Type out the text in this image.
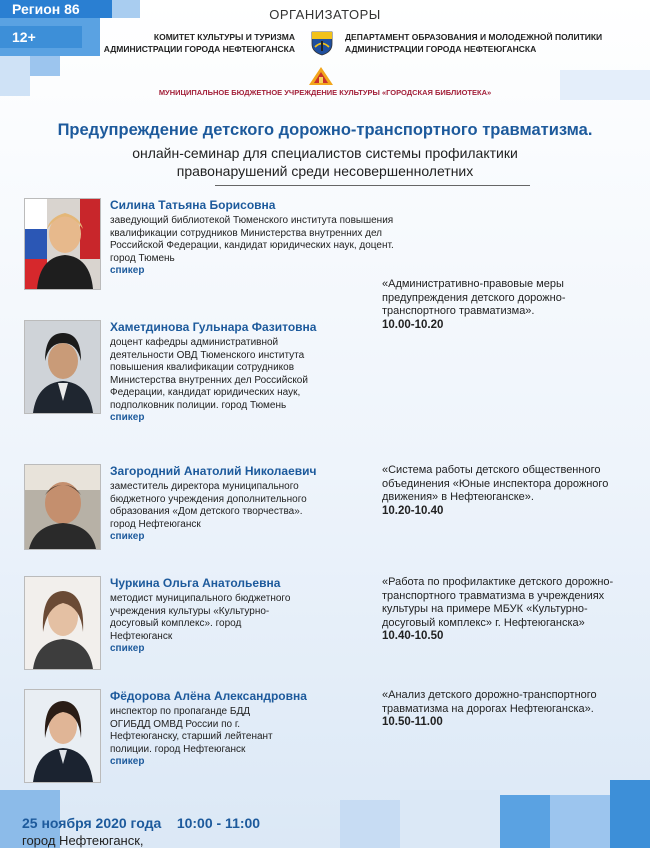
Регион 86
12+
ОРГАНИЗАТОРЫ
КОМИТЕТ КУЛЬТУРЫ И ТУРИЗМА АДМИНИСТРАЦИИ ГОРОДА НЕФТЕЮГАНСКА
ДЕПАРТАМЕНТ ОБРАЗОВАНИЯ И МОЛОДЕЖНОЙ ПОЛИТИКИ АДМИНИСТРАЦИИ ГОРОДА НЕФТЕЮГАНСКА
МУНИЦИПАЛЬНОЕ БЮДЖЕТНОЕ УЧРЕЖДЕНИЕ КУЛЬТУРЫ «ГОРОДСКАЯ БИБЛИОТЕКА»
Предупреждение детского дорожно-транспортного травматизма.
онлайн-семинар для специалистов системы профилактики
правонарушений среди несовершеннолетних
Силина Татьяна Борисовна
заведующий библиотекой Тюменского института повышения квалификации сотрудников Министерства внутренних дел Российской Федерации, кандидат юридических наук, доцент. город Тюмень
спикер
«Административно-правовые меры предупреждения детского дорожно-транспортного травматизма».
10.00-10.20
Хаметдинова Гульнара Фазитовна
доцент кафедры административной деятельности ОВД Тюменского института повышения квалификации сотрудников Министерства внутренних дел Российской Федерации, кандидат юридических наук, подполковник полиции. город Тюмень
спикер
Загородний Анатолий Николаевич
заместитель директора муниципального бюджетного учреждения дополнительного образования «Дом детского творчества». город Нефтеюганск
спикер
«Система работы детского общественного объединения «Юные инспектора дорожного движения» в Нефтеюганске».
10.20-10.40
Чуркина Ольга Анатольевна
методист муниципального бюджетного учреждения культуры «Культурно-досуговый комплекс». город Нефтеюганск
спикер
«Работа по профилактике детского дорожно-транспортного травматизма в учреждениях культуры на примере МБУК «Культурно-досуговый комплекс» г. Нефтеюганска»
10.40-10.50
Фёдорова Алёна Александровна
инспектор по пропаганде БДД ОГИБДД ОМВД России по г. Нефтеюганску, старший лейтенант полиции. город Нефтеюганск
спикер
«Анализ детского дорожно-транспортного травматизма на дорогах Нефтеюганска».
10.50-11.00
25 ноября 2020 года 10:00 - 11:00
город Нефтеюганск,
